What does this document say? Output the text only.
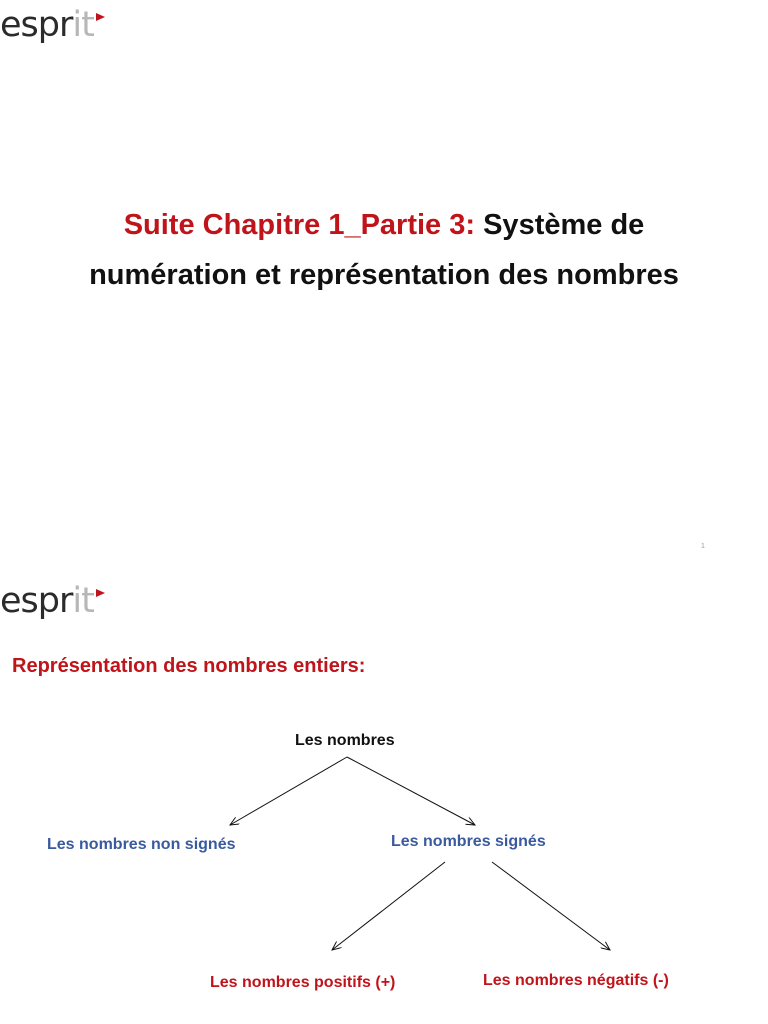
espr it
Suite Chapitre 1_Partie 3: Système de
numération et représentation des nombres
1
espr it
Représentation des nombres entiers:
Les nombres
Les nombres non signés	Les nombres signés
Les nombres positifs (+)	Les nombres négatifs (-)
